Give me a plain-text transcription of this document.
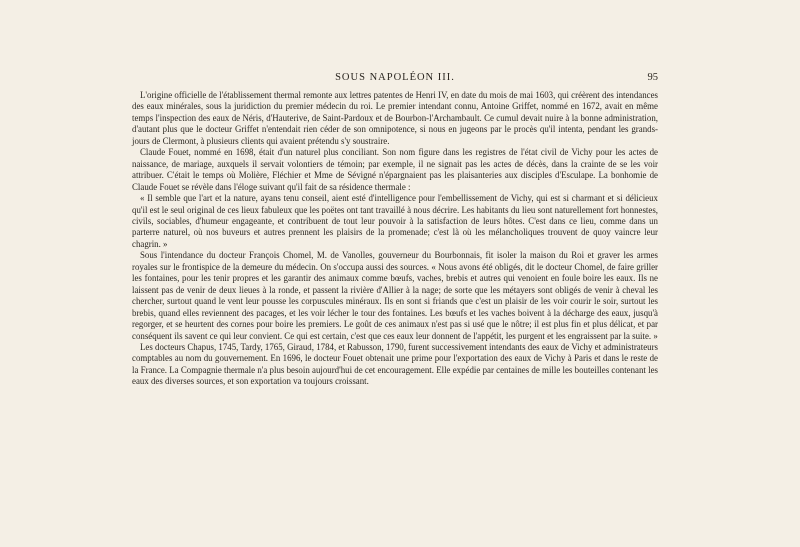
SOUS NAPOLÉON III.	95

L'origine officielle de l'établissement thermal remonte aux lettres patentes de Henri IV, en date du mois de mai 1603, qui créèrent des intendances des eaux minérales, sous la juridiction du premier médecin du roi. Le premier intendant connu, Antoine Griffet, nommé en 1672, avait en même temps l'inspection des eaux de Néris, d'Hauterive, de Saint-Pardoux et de Bourbon-l'Archambault. Ce cumul devait nuire à la bonne administration, d'autant plus que le docteur Griffet n'entendait rien céder de son omnipotence, si nous en jugeons par le procès qu'il intenta, pendant les grands-jours de Clermont, à plusieurs clients qui avaient prétendu s'y soustraire.

Claude Fouet, nommé en 1698, était d'un naturel plus conciliant. Son nom figure dans les registres de l'état civil de Vichy pour les actes de naissance, de mariage, auxquels il servait volontiers de témoin; par exemple, il ne signait pas les actes de décès, dans la crainte de se les voir attribuer. C'était le temps où Molière, Fléchier et Mme de Sévigné n'épargnaient pas les plaisanteries aux disciples d'Esculape. La bonhomie de Claude Fouet se révèle dans l'éloge suivant qu'il fait de sa résidence thermale :

« Il semble que l'art et la nature, ayans tenu conseil, aient esté d'intelligence pour l'embellissement de Vichy, qui est si charmant et si délicieux qu'il est le seul original de ces lieux fabuleux que les poëtes ont tant travaillé à nous décrire. Les habitants du lieu sont naturellement fort honnestes, civils, sociables, d'humeur engageante, et contribuent de tout leur pouvoir à la satisfaction de leurs hôtes. C'est dans ce lieu, comme dans un parterre naturel, où nos buveurs et autres prennent les plaisirs de la promenade; c'est là où les mélancholiques trouvent de quoy vaincre leur chagrin. »

Sous l'intendance du docteur François Chomel, M. de Vanolles, gouverneur du Bourbonnais, fit isoler la maison du Roi et graver les armes royales sur le frontispice de la demeure du médecin. On s'occupa aussi des sources. « Nous avons été obligés, dit le docteur Chomel, de faire griller les fontaines, pour les tenir propres et les garantir des animaux comme bœufs, vaches, brebis et autres qui venoient en foule boire les eaux. Ils ne laissent pas de venir de deux lieues à la ronde, et passent la rivière d'Allier à la nage; de sorte que les métayers sont obligés de venir à cheval les chercher, surtout quand le vent leur pousse les corpuscules minéraux. Ils en sont si friands que c'est un plaisir de les voir courir le soir, surtout les brebis, quand elles reviennent des pacages, et les voir lécher le tour des fontaines. Les bœufs et les vaches boivent à la décharge des eaux, jusqu'à regorger, et se heurtent des cornes pour boire les premiers. Le goût de ces animaux n'est pas si usé que le nôtre; il est plus fin et plus délicat, et par conséquent ils savent ce qui leur convient. Ce qui est certain, c'est que ces eaux leur donnent de l'appétit, les purgent et les engraissent par la suite. »

Les docteurs Chapus, 1745, Tardy, 1765, Giraud, 1784, et Rabusson, 1790, furent successivement intendants des eaux de Vichy et administrateurs comptables au nom du gouvernement. En 1696, le docteur Fouet obtenait une prime pour l'exportation des eaux de Vichy à Paris et dans le reste de la France. La Compagnie thermale n'a plus besoin aujourd'hui de cet encouragement. Elle expédie par centaines de mille les bouteilles contenant les eaux des diverses sources, et son exportation va toujours croissant.
